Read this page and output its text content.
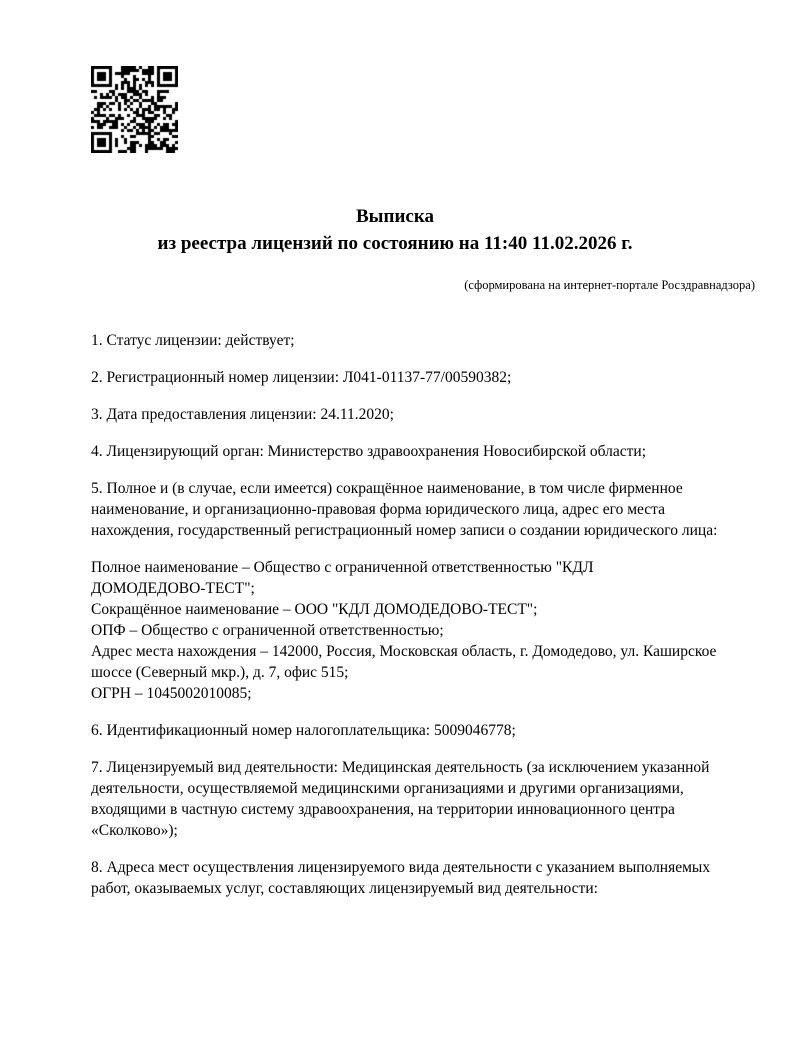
Выписка
из реестра лицензий по состоянию на 11:40 11.02.2026 г.
(сформирована на интернет-портале Росздравнадзора)
1. Статус лицензии: действует;
2. Регистрационный номер лицензии: Л041-01137-77/00590382;
3. Дата предоставления лицензии: 24.11.2020;
4. Лицензирующий орган: Министерство здравоохранения Новосибирской области;
5. Полное и (в случае, если имеется) сокращённое наименование, в том числе фирменное
наименование, и организационно-правовая форма юридического лица, адрес его места
нахождения, государственный регистрационный номер записи о создании юридического лица:
Полное наименование – Общество с ограниченной ответственностью "КДЛ
ДОМОДЕДОВО-ТЕСТ";
Сокращённое наименование – ООО "КДЛ ДОМОДЕДОВО-ТЕСТ";
ОПФ – Общество с ограниченной ответственностью;
Адрес места нахождения – 142000, Россия, Московская область, г. Домодедово, ул. Каширское
шоссе (Северный мкр.), д. 7, офис 515;
ОГРН – 1045002010085;
6. Идентификационный номер налогоплательщика: 5009046778;
7. Лицензируемый вид деятельности: Медицинская деятельность (за исключением указанной
деятельности, осуществляемой медицинскими организациями и другими организациями,
входящими в частную систему здравоохранения, на территории инновационного центра
«Сколково»);
8. Адреса мест осуществления лицензируемого вида деятельности с указанием выполняемых
работ, оказываемых услуг, составляющих лицензируемый вид деятельности:
